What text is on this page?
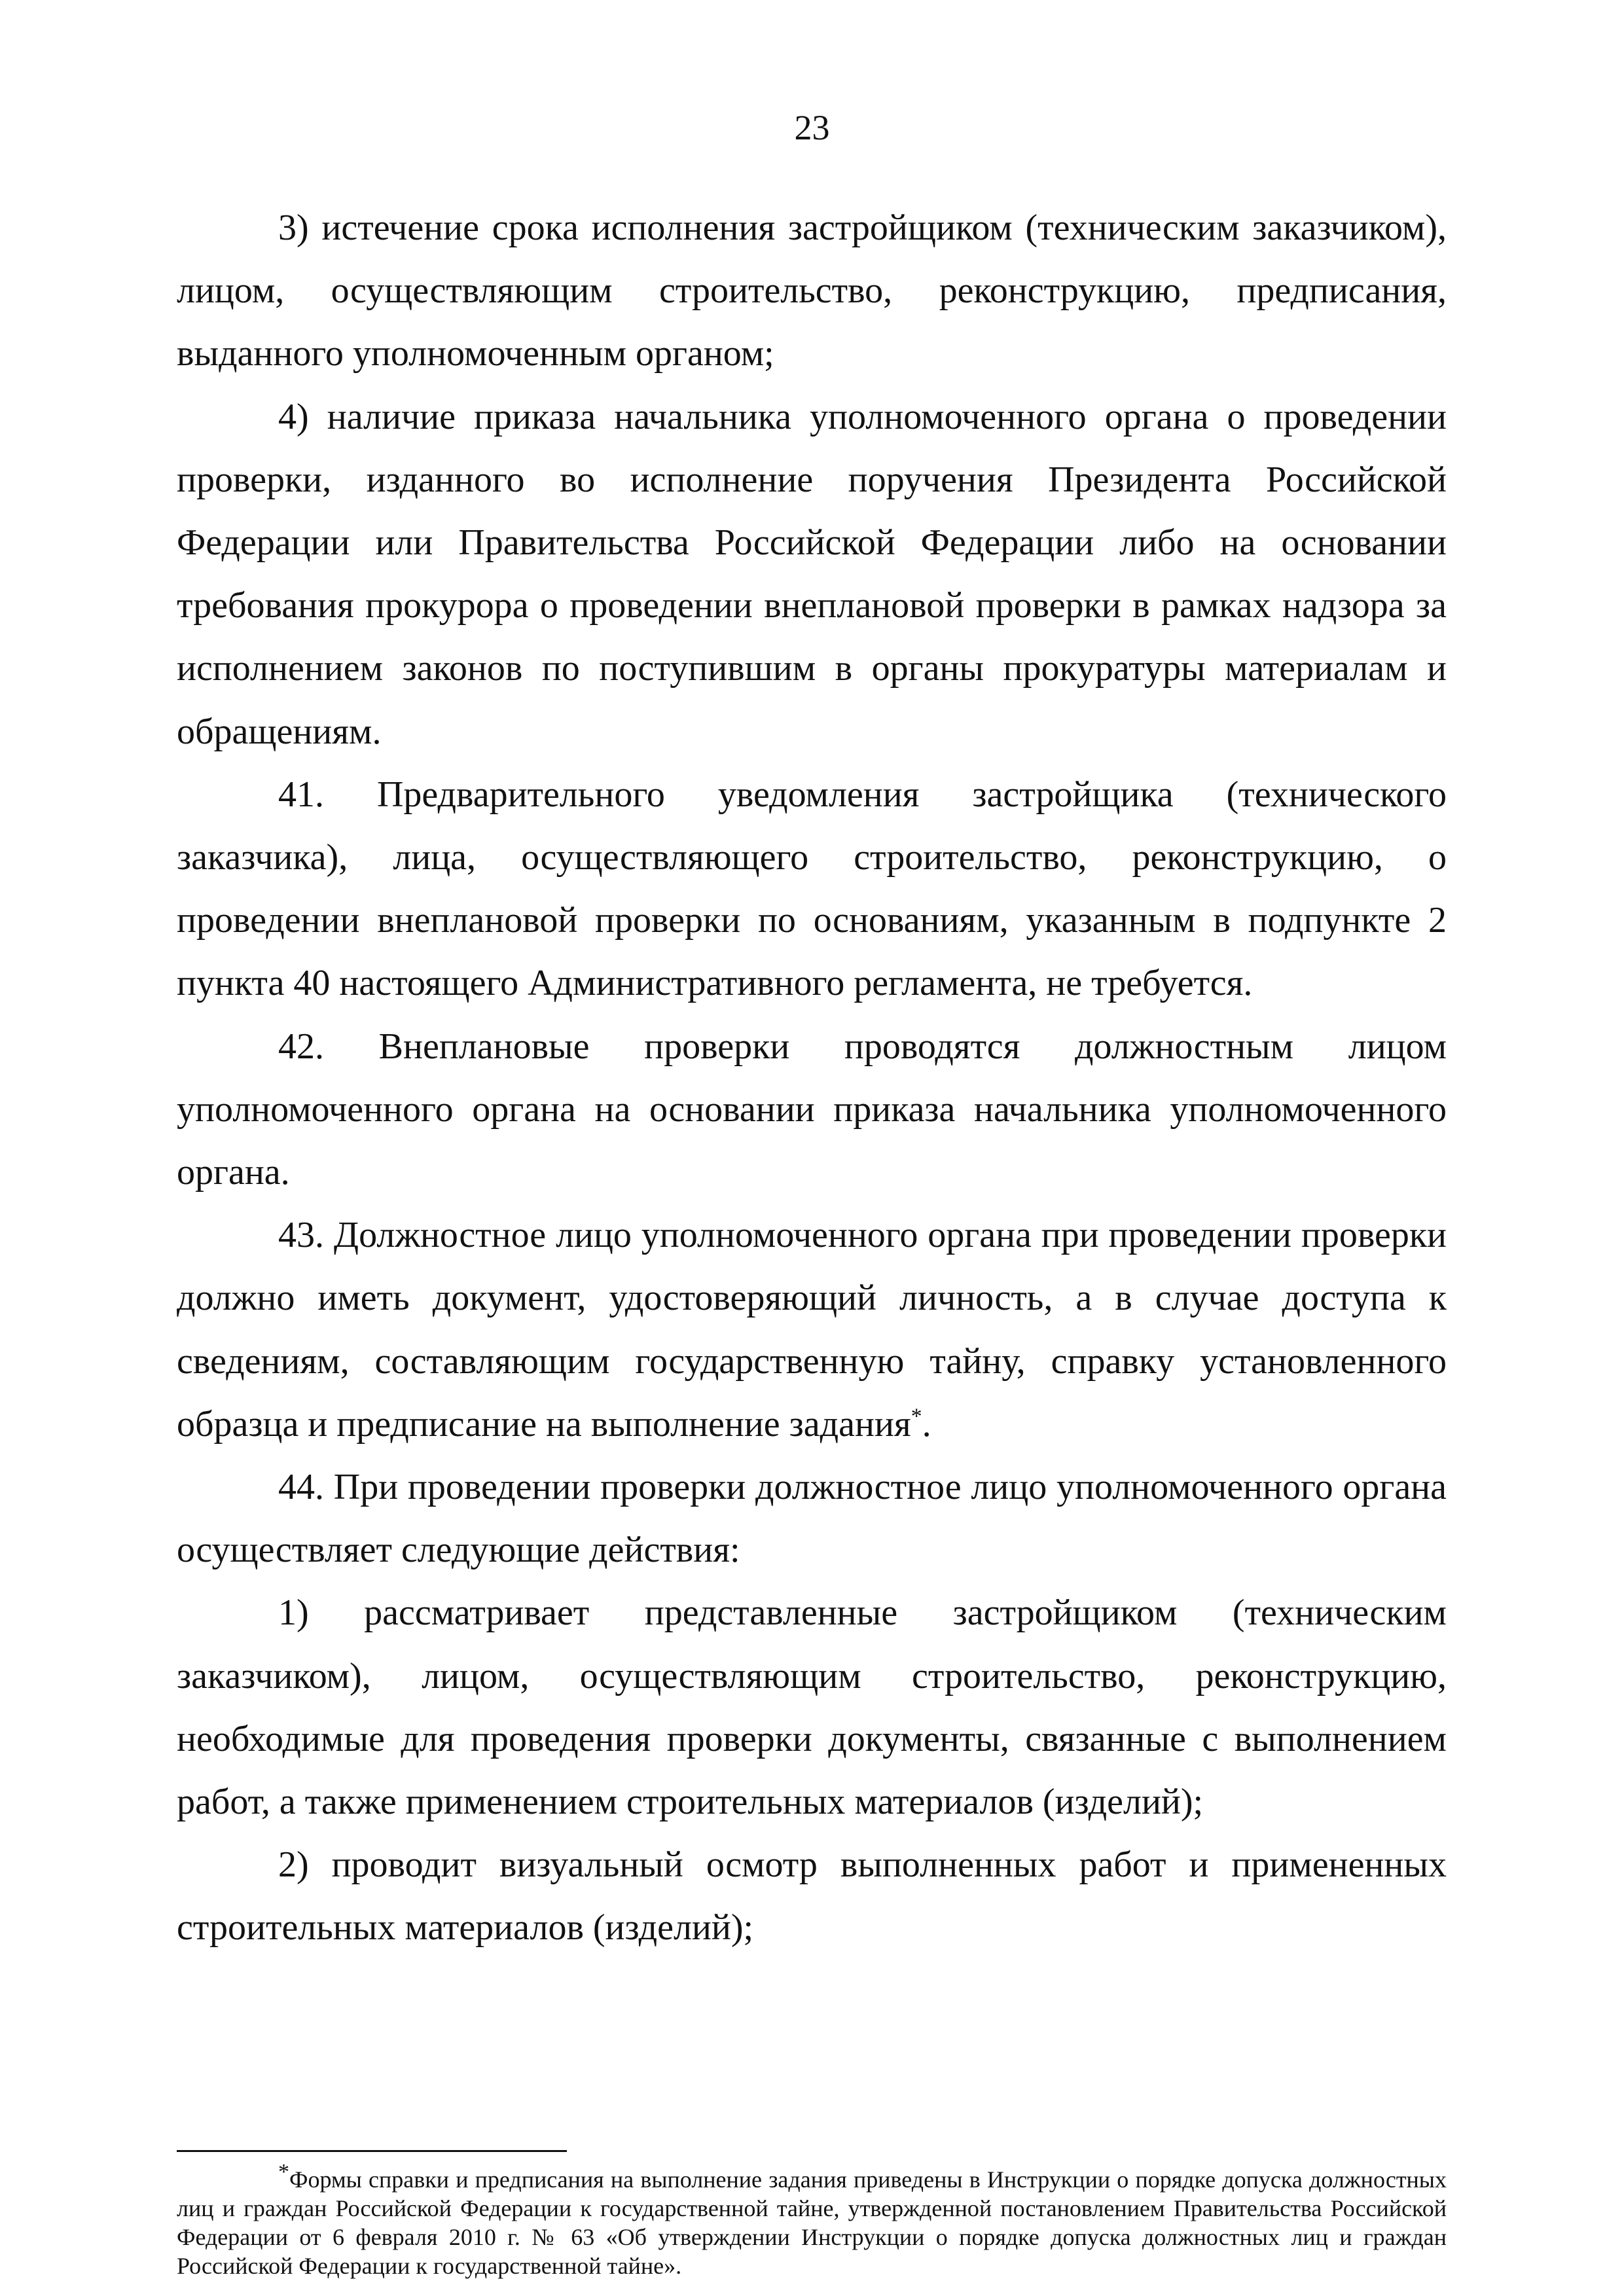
23

3) истечение срока исполнения застройщиком (техническим заказчиком), лицом, осуществляющим строительство, реконструкцию, предписания, выданного уполномоченным органом;

4) наличие приказа начальника уполномоченного органа о проведении проверки, изданного во исполнение поручения Президента Российской Федерации или Правительства Российской Федерации либо на основании требования прокурора о проведении внеплановой проверки в рамках надзора за исполнением законов по поступившим в органы прокуратуры материалам и обращениям.

41. Предварительного уведомления застройщика (технического заказчика), лица, осуществляющего строительство, реконструкцию, о проведении внеплановой проверки по основаниям, указанным в подпункте 2 пункта 40 настоящего Административного регламента, не требуется.

42. Внеплановые проверки проводятся должностным лицом уполномоченного органа на основании приказа начальника уполномоченного органа.

43. Должностное лицо уполномоченного органа при проведении проверки должно иметь документ, удостоверяющий личность, а в случае доступа к сведениям, составляющим государственную тайну, справку установленного образца и предписание на выполнение задания*.

44. При проведении проверки должностное лицо уполномоченного органа осуществляет следующие действия:

1) рассматривает представленные застройщиком (техническим заказчиком), лицом, осуществляющим строительство, реконструкцию, необходимые для проведения проверки документы, связанные с выполнением работ, а также применением строительных материалов (изделий);

2) проводит визуальный осмотр выполненных работ и примененных строительных материалов (изделий);

*Формы справки и предписания на выполнение задания приведены в Инструкции о порядке допуска должностных лиц и граждан Российской Федерации к государственной тайне, утвержденной постановлением Правительства Российской Федерации от 6 февраля 2010 г. № 63 «Об утверждении Инструкции о порядке допуска должностных лиц и граждан Российской Федерации к государственной тайне».
